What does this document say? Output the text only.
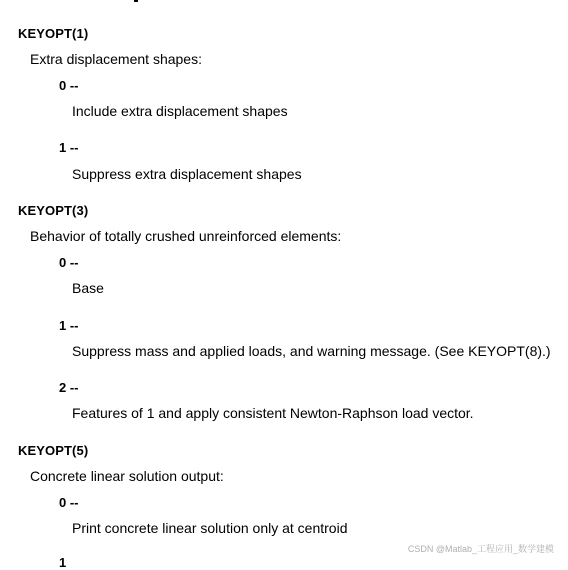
KEYOPT(1)
Extra displacement shapes:
0 --
Include extra displacement shapes
1 --
Suppress extra displacement shapes
KEYOPT(3)
Behavior of totally crushed unreinforced elements:
0 --
Base
1 --
Suppress mass and applied loads, and warning message. (See KEYOPT(8).)
2 --
Features of 1 and apply consistent Newton-Raphson load vector.
KEYOPT(5)
Concrete linear solution output:
0 --
Print concrete linear solution only at centroid
1
CSDN @Matlab_工程应用_数学建模
